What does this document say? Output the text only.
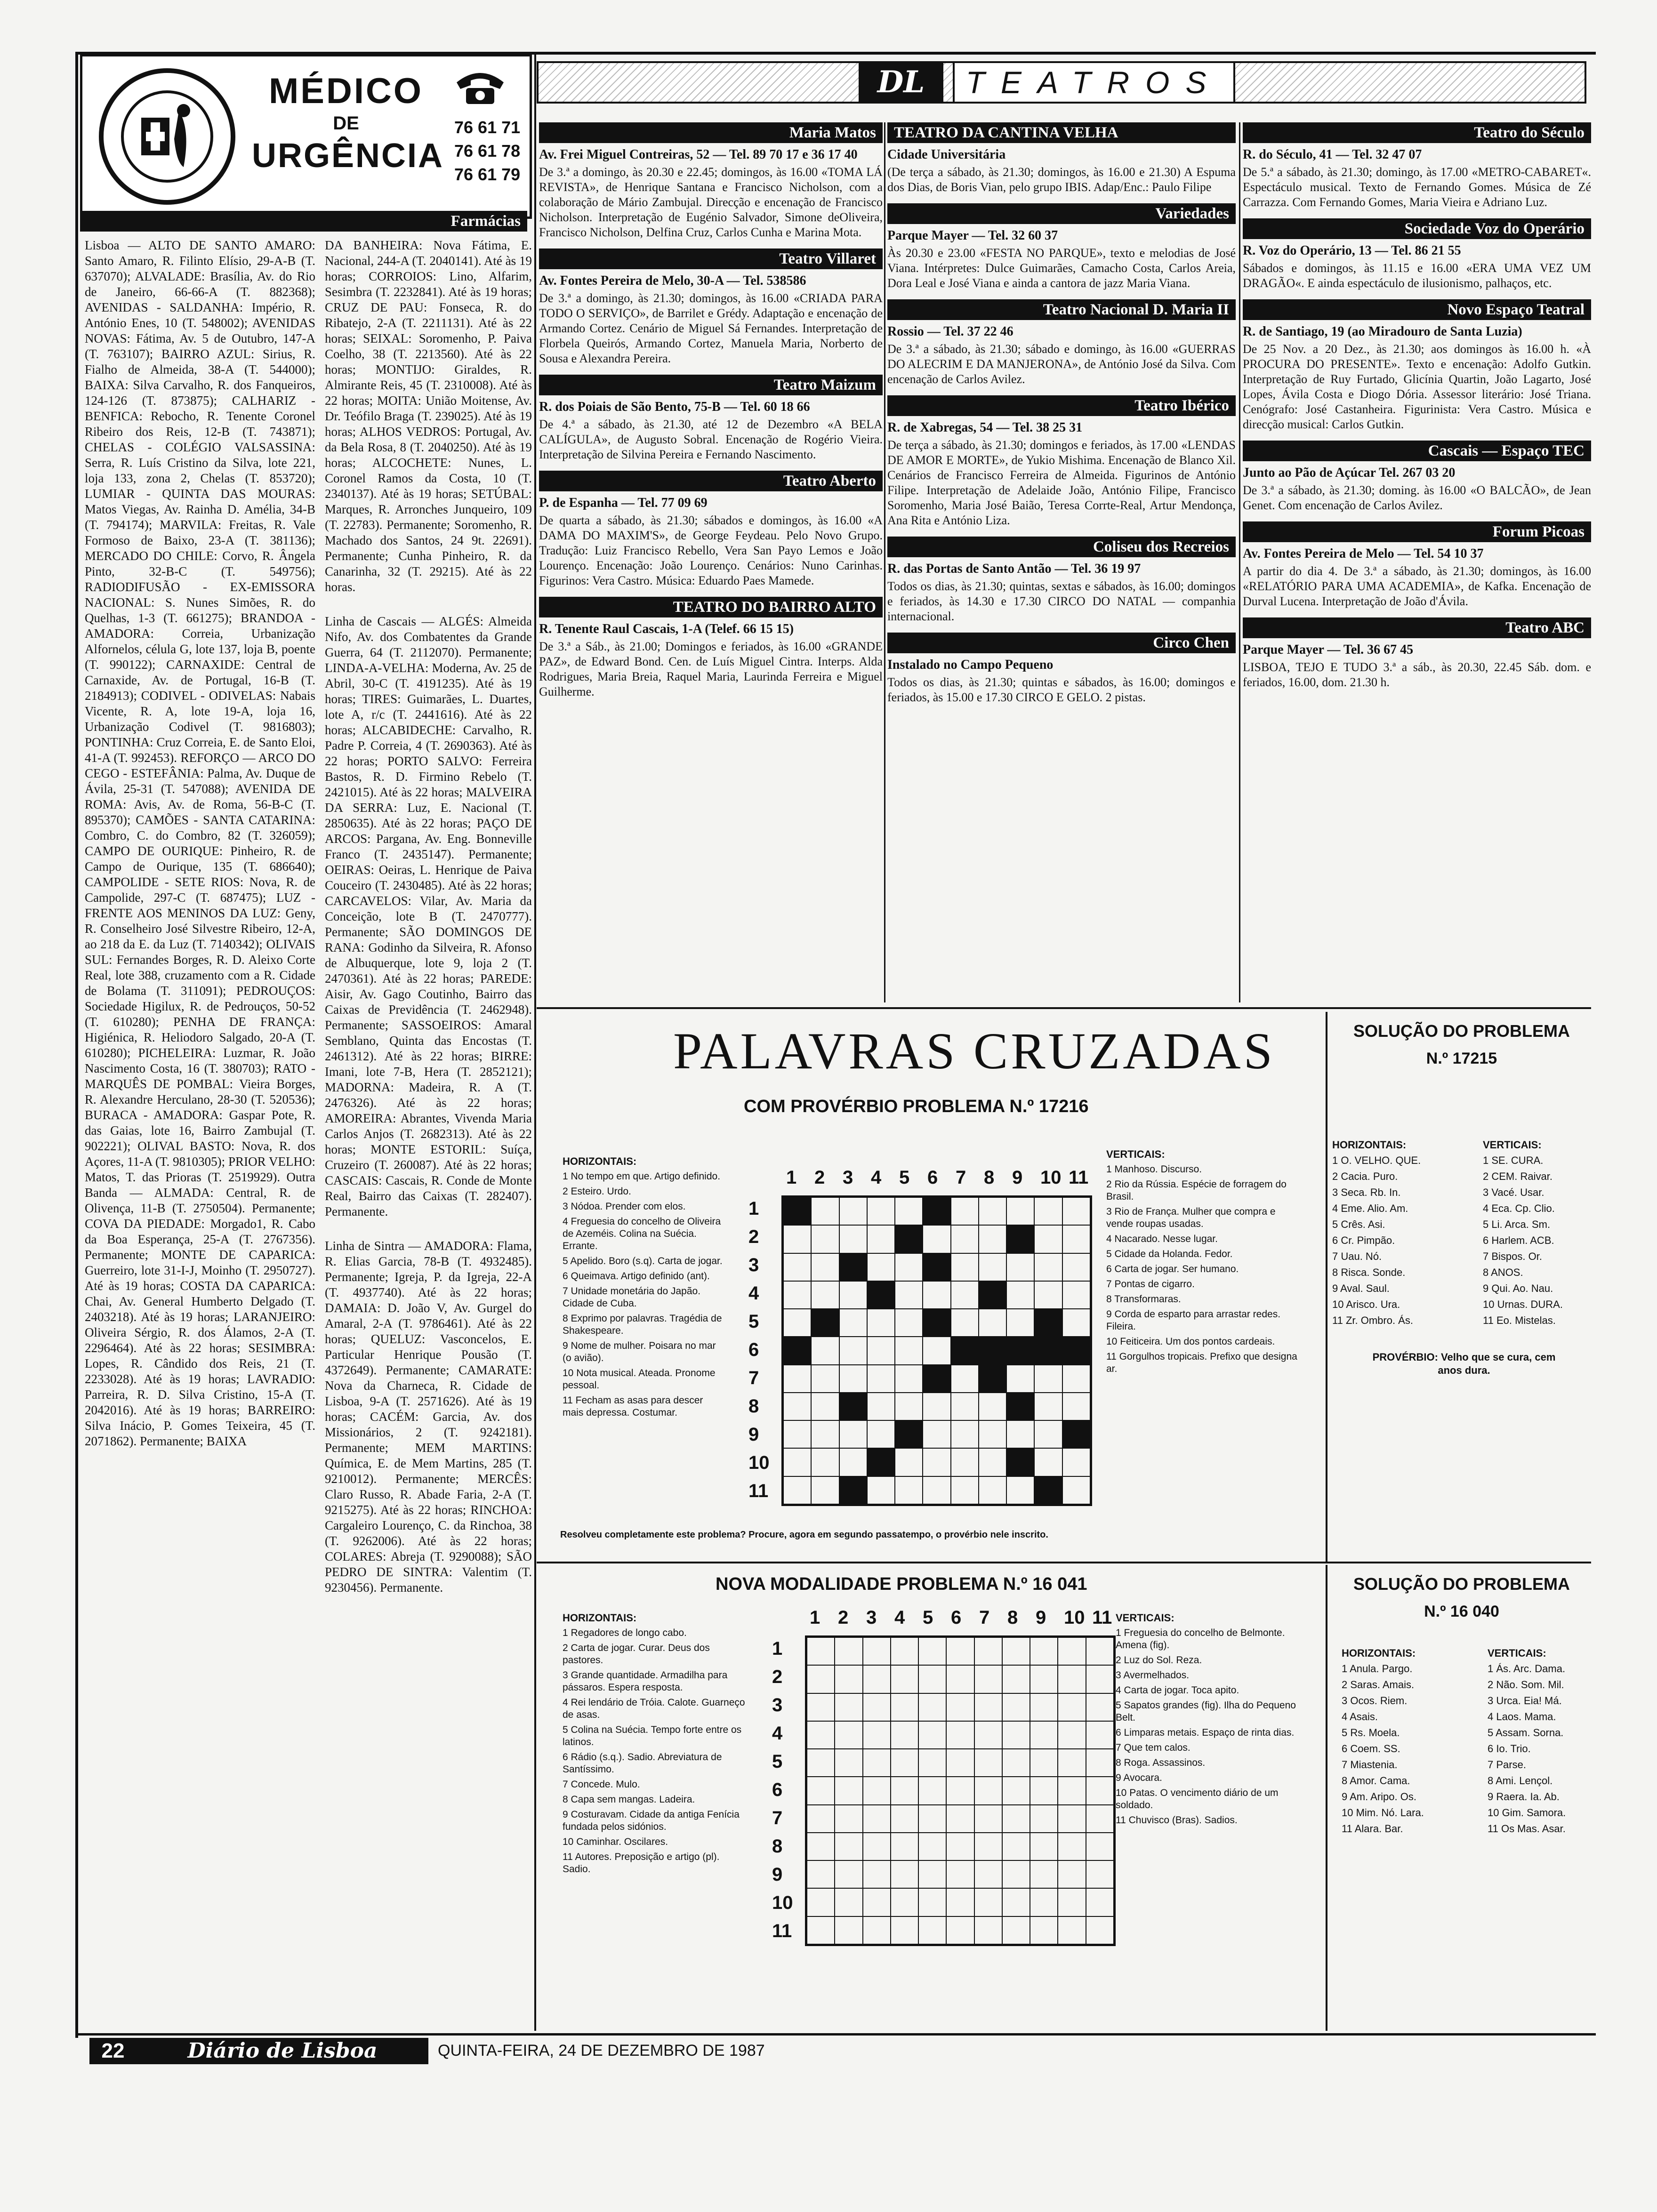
MÉDICO
DE
URGÊNCIA
76 61 71
76 61 78
76 61 79
DL	TEATROS
Farmácias

Lisboa — ALTO DE SANTO AMARO: Santo Amaro, R. Filinto Elísio, 29-A-B (T. 637070); ALVALADE: Brasília, Av. do Rio de Janeiro, 66-66-A (T. 882368); AVENIDAS - SALDANHA: Império, R. António Enes, 10 (T. 548002); AVENIDAS NOVAS: Fátima, Av. 5 de Outubro, 147-A (T. 763107); BAIRRO AZUL: Sirius, R. Fialho de Almeida, 38-A (T. 544000); BAIXA: Silva Carvalho, R. dos Fanqueiros, 124-126 (T. 873875); CALHARIZ - BENFICA: Rebocho, R. Tenente Coronel Ribeiro dos Reis, 12-B (T. 743871); CHELAS - COLÉGIO VALSASSINA: Serra, R. Luís Cristino da Silva, lote 221, loja 133, zona 2, Chelas (T. 853720); LUMIAR - QUINTA DAS MOURAS: Matos Viegas, Av. Rainha D. Amélia, 34-B (T. 794174); MARVILA: Freitas, R. Vale Formoso de Baixo, 23-A (T. 381136); MERCADO DO CHILE: Corvo, R. Ângela Pinto, 32-B-C (T. 549756); RADIODIFUSÃO - EX-EMISSORA NACIONAL: S. Nunes Simões, R. do Quelhas, 1-3 (T. 661275); BRANDOA - AMADORA: Correia, Urbanização Alfornelos, célula G, lote 137, loja B, poente (T. 990122); CARNAXIDE: Central de Carnaxide, Av. de Portugal, 16-B (T. 2184913); CODIVEL - ODIVELAS: Nabais Vicente, R. A, lote 19-A, loja 16, Urbanização Codivel (T. 9816803); PONTINHA: Cruz Correia, E. de Santo Eloi, 41-A (T. 992453). REFORÇO — ARCO DO CEGO - ESTEFÂNIA: Palma, Av. Duque de Ávila, 25-31 (T. 547088); AVENIDA DE ROMA: Avis, Av. de Roma, 56-B-C (T. 895370); CAMÕES - SANTA CATARINA: Combro, C. do Combro, 82 (T. 326059); CAMPO DE OURIQUE: Pinheiro, R. de Campo de Ourique, 135 (T. 686640); CAMPOLIDE - SETE RIOS: Nova, R. de Campolide, 297-C (T. 687475); LUZ - FRENTE AOS MENINOS DA LUZ: Geny, R. Conselheiro José Silvestre Ribeiro, 12-A, ao 218 da E. da Luz (T. 7140342); OLIVAIS SUL: Fernandes Borges, R. D. Aleixo Corte Real, lote 388, cruzamento com a R. Cidade de Bolama (T. 311091); PEDROUÇOS: Sociedade Higilux, R. de Pedrouços, 50-52 (T. 610280); PENHA DE FRANÇA: Higiénica, R. Heliodoro Salgado, 20-A (T. 610280); PICHELEIRA: Luzmar, R. João Nascimento Costa, 16 (T. 380703); RATO - MARQUÊS DE POMBAL: Vieira Borges, R. Alexandre Herculano, 28-30 (T. 520536); BURACA - AMADORA: Gaspar Pote, R. das Gaias, lote 16, Bairro Zambujal (T. 902221); OLIVAL BASTO: Nova, R. dos Açores, 11-A (T. 9810305); PRIOR VELHO: Matos, T. das Prioras (T. 2519929). Outra Banda — ALMADA: Central, R. de Olivença, 11-B (T. 2750504). Permanente; COVA DA PIEDADE: Morgado1, R. Cabo da Boa Esperança, 25-A (T. 2767356). Permanente; MONTE DE CAPARICA: Guerreiro, lote 31-I-J, Moinho (T. 2950727). Até às 19 horas; COSTA DA CAPARICA: Chai, Av. General Humberto Delgado (T. 2403218). Até às 19 horas; LARANJEIRO: Oliveira Sérgio, R. dos Álamos, 2-A (T. 2296464). Até às 22 horas; SESIMBRA: Lopes, R. Cândido dos Reis, 21 (T. 2233028). Até às 19 horas; LAVRADIO: Parreira, R. D. Silva Cristino, 15-A (T. 2042016). Até às 19 horas; BARREIRO: Silva Inácio, P. Gomes Teixeira, 45 (T. 2071862). Permanente; BAIXA

DA BANHEIRA: Nova Fátima, E. Nacional, 244-A (T. 2040141). Até às 19 horas; CORROIOS: Lino, Alfarim, Sesimbra (T. 2232841). Até às 19 horas; CRUZ DE PAU: Fonseca, R. do Ribatejo, 2-A (T. 2211131). Até às 22 horas; SEIXAL: Soromenho, P. Paiva Coelho, 38 (T. 2213560). Até às 22 horas; MONTIJO: Giraldes, R. Almirante Reis, 45 (T. 2310008). Até às 22 horas; MOITA: União Moitense, Av. Dr. Teófilo Braga (T. 239025). Até às 19 horas; ALHOS VEDROS: Portugal, Av. da Bela Rosa, 8 (T. 2040250). Até às 19 horas; ALCOCHETE: Nunes, L. Coronel Ramos da Costa, 10 (T. 2340137). Até às 19 horas; SETÚBAL: Marques, R. Arronches Junqueiro, 109 (T. 22783). Permanente; Soromenho, R. Machado dos Santos, 24 9t. 22691). Permanente; Cunha Pinheiro, R. da Canarinha, 32 (T. 29215). Até às 22 horas.

Linha de Cascais — ALGÉS: Almeida Nifo, Av. dos Combatentes da Grande Guerra, 64 (T. 2112070). Permanente; LINDA-A-VELHA: Moderna, Av. 25 de Abril, 30-C (T. 4191235). Até às 19 horas; TIRES: Guimarães, L. Duartes, lote A, r/c (T. 2441616). Até às 22 horas; ALCABIDECHE: Carvalho, R. Padre P. Correia, 4 (T. 2690363). Até às 22 horas; PORTO SALVO: Ferreira Bastos, R. D. Firmino Rebelo (T. 2421015). Até às 22 horas; MALVEIRA DA SERRA: Luz, E. Nacional (T. 2850635). Até às 22 horas; PAÇO DE ARCOS: Pargana, Av. Eng. Bonneville Franco (T. 2435147). Permanente; OEIRAS: Oeiras, L. Henrique de Paiva Couceiro (T. 2430485). Até às 22 horas; CARCAVELOS: Vilar, Av. Maria da Conceição, lote B (T. 2470777). Permanente; SÃO DOMINGOS DE RANA: Godinho da Silveira, R. Afonso de Albuquerque, lote 9, loja 2 (T. 2470361). Até às 22 horas; PAREDE: Aisir, Av. Gago Coutinho, Bairro das Caixas de Previdência (T. 2462948). Permanente; SASSOEIROS: Amaral Semblano, Quinta das Encostas (T. 2461312). Até às 22 horas; BIRRE: Imani, lote 7-B, Hera (T. 2852121); MADORNA: Madeira, R. A (T. 2476326). Até às 22 horas; AMOREIRA: Abrantes, Vivenda Maria Carlos Anjos (T. 2682313). Até às 22 horas; MONTE ESTORIL: Suíça, Cruzeiro (T. 260087). Até às 22 horas; CASCAIS: Cascais, R. Conde de Monte Real, Bairro das Caixas (T. 282407). Permanente.

Linha de Sintra — AMADORA: Flama, R. Elias Garcia, 78-B (T. 4932485). Permanente; Igreja, P. da Igreja, 22-A (T. 4937740). Até às 22 horas; DAMAIA: D. João V, Av. Gurgel do Amaral, 2-A (T. 9786461). Até às 22 horas; QUELUZ: Vasconcelos, E. Particular Henrique Pousão (T. 4372649). Permanente; CAMARATE: Nova da Charneca, R. Cidade de Lisboa, 9-A (T. 2571626). Até às 19 horas; CACÉM: Garcia, Av. dos Missionários, 2 (T. 9242181). Permanente; MEM MARTINS: Química, E. de Mem Martins, 285 (T. 9210012). Permanente; MERCÊS: Claro Russo, R. Abade Faria, 2-A (T. 9215275). Até às 22 horas; RINCHOA: Cargaleiro Lourenço, C. da Rinchoa, 38 (T. 9262006). Até às 22 horas; COLARES: Abreja (T. 9290088); SÃO PEDRO DE SINTRA: Valentim (T. 9230456). Permanente.

Maria Matos

Av. Frei Miguel Contreiras, 52 — Tel. 89 70 17 e 36 17 40

De 3.ª a domingo, às 20.30 e 22.45; domingos, às 16.00 «TOMA LÁ REVISTA», de Henrique Santana e Francisco Nicholson, com a colaboração de Mário Zambujal. Direcção e encenação de Francisco Nicholson. Interpretação de Eugénio Salvador, Simone deOliveira, Francisco Nicholson, Delfina Cruz, Carlos Cunha e Marina Mota.

Teatro Villaret

Av. Fontes Pereira de Melo, 30-A — Tel. 538586

De 3.ª a domingo, às 21.30; domingos, às 16.00 «CRIADA PARA TODO O SERVIÇO», de Barrilet e Grédy. Adaptação e encenação de Armando Cortez. Cenário de Miguel Sá Fernandes. Interpretação de Florbela Queirós, Armando Cortez, Manuela Maria, Norberto de Sousa e Alexandra Pereira.

Teatro Maizum

R. dos Poiais de São Bento, 75-B — Tel. 60 18 66

De 4.ª a sábado, às 21.30, até 12 de Dezembro «A BELA CALÍGULA», de Augusto Sobral. Encenação de Rogério Vieira. Interpretação de Silvina Pereira e Fernando Nascimento.

Teatro Aberto

P. de Espanha — Tel. 77 09 69

De quarta a sábado, às 21.30; sábados e domingos, às 16.00 «A DAMA DO MAXIM'S», de George Feydeau. Pelo Novo Grupo. Tradução: Luiz Francisco Rebello, Vera San Payo Lemos e João Lourenço. Encenação: João Lourenço. Cenários: Nuno Carinhas. Figurinos: Vera Castro. Música: Eduardo Paes Mamede.

TEATRO DO BAIRRO ALTO

R. Tenente Raul Cascais, 1-A (Telef. 66 15 15)

De 3.ª a Sáb., às 21.00; Domingos e feriados, às 16.00 «GRANDE PAZ», de Edward Bond. Cen. de Luís Miguel Cintra. Interps. Alda Rodrigues, Maria Breia, Raquel Maria, Laurinda Ferreira e Miguel Guilherme.

TEATRO DA CANTINA VELHA

Cidade Universitária

(De terça a sábado, às 21.30; domingos, às 16.00 e 21.30) A Espuma dos Dias, de Boris Vian, pelo grupo IBIS. Adap/Enc.: Paulo Filipe

Variedades

Parque Mayer — Tel. 32 60 37

Às 20.30 e 23.00 «FESTA NO PARQUE», texto e melodias de José Viana. Intérpretes: Dulce Guimarães, Camacho Costa, Carlos Areia, Dora Leal e José Viana e ainda a cantora de jazz Maria Viana.

Teatro Nacional D. Maria II

Rossio — Tel. 37 22 46

De 3.ª a sábado, às 21.30; sábado e domingo, às 16.00 «GUERRAS DO ALECRIM E DA MANJERONA», de António José da Silva. Com encenação de Carlos Avilez.

Teatro Ibérico

R. de Xabregas, 54 — Tel. 38 25 31

De terça a sábado, às 21.30; domingos e feriados, às 17.00 «LENDAS DE AMOR E MORTE», de Yukio Mishima. Encenação de Blanco Xil. Cenários de Francisco Ferreira de Almeida. Figurinos de António Filipe. Interpretação de Adelaide João, António Filipe, Francisco Soromenho, Maria José Baião, Teresa Corrte-Real, Artur Mendonça, Ana Rita e António Liza.

Coliseu dos Recreios

R. das Portas de Santo Antão — Tel. 36 19 97

Todos os dias, às 21.30; quintas, sextas e sábados, às 16.00; domingos e feriados, às 14.30 e 17.30 CIRCO DO NATAL — companhia internacional.

Circo Chen

Instalado no Campo Pequeno

Todos os dias, às 21.30; quintas e sábados, às 16.00; domingos e feriados, às 15.00 e 17.30 CIRCO E GELO. 2 pistas.

Teatro do Século

R. do Século, 41 — Tel. 32 47 07

De 5.ª a sábado, às 21.30; domingo, às 17.00 «METRO-CABARET«. Espectáculo musical. Texto de Fernando Gomes. Música de Zé Carrazza. Com Fernando Gomes, Maria Vieira e Adriano Luz.

Sociedade Voz do Operário

R. Voz do Operário, 13 — Tel. 86 21 55

Sábados e domingos, às 11.15 e 16.00 «ERA UMA VEZ UM DRAGÃO«. E ainda espectáculo de ilusionismo, palhaços, etc.

Novo Espaço Teatral

R. de Santiago, 19 (ao Miradouro de Santa Luzia)

De 25 Nov. a 20 Dez., às 21.30; aos domingos às 16.00 h. «À PROCURA DO PRESENTE». Texto e encenação: Adolfo Gutkin. Interpretação de Ruy Furtado, Glicínia Quartin, João Lagarto, José Lopes, Ávila Costa e Diogo Dória. Assessor literário: José Triana. Cenógrafo: José Castanheira. Figurinista: Vera Castro. Música e direcção musical: Carlos Gutkin.

Cascais — Espaço TEC

Junto ao Pão de Açúcar Tel. 267 03 20

De 3.ª a sábado, às 21.30; doming. às 16.00 «O BALCÃO», de Jean Genet. Com encenação de Carlos Avilez.

Forum Picoas

Av. Fontes Pereira de Melo — Tel. 54 10 37

A partir do dia 4. De 3.ª a sábado, às 21.30; domingos, às 16.00 «RELATÓRIO PARA UMA ACADEMIA», de Kafka. Encenação de Durval Lucena. Interpretação de João d'Ávila.

Teatro ABC

Parque Mayer — Tel. 36 67 45

LISBOA, TEJO E TUDO 3.ª a sáb., às 20.30, 22.45 Sáb. dom. e feriados, 16.00, dom. 21.30 h.

PALAVRAS CRUZADAS
COM PROVÉRBIO PROBLEMA N.º 17216

HORIZONTAIS:

1 No tempo em que. Artigo definido.

2 Esteiro. Urdo.

3 Nódoa. Prender com elos.

4 Freguesia do concelho de Oliveira de Azeméis. Colina na Suécia. Errante.

5 Apelido. Boro (s.q). Carta de jogar.

6 Queimava. Artigo definido (ant).

7 Unidade monetária do Japão. Cidade de Cuba.

8 Exprimo por palavras. Tragédia de Shakespeare.

9 Nome de mulher. Poisara no mar (o avião).

10 Nota musical. Ateada. Pronome pessoal.

11 Fecham as asas para descer mais depressa. Costumar.

1 2 3 4 5 6 7 8 9 10 11
1
2
3
4
5
6
7
8
9
10
11

VERTICAIS:

1 Manhoso. Discurso.

2 Rio da Rússia. Espécie de forragem do Brasil.

3 Rio de França. Mulher que compra e vende roupas usadas.

4 Nacarado. Nesse lugar.

5 Cidade da Holanda. Fedor.

6 Carta de jogar. Ser humano.

7 Pontas de cigarro.

8 Transformaras.

9 Corda de esparto para arrastar redes. Fileira.

10 Feiticeira. Um dos pontos cardeais.

11 Gorgulhos tropicais. Prefixo que designa ar.

Resolveu completamente este problema? Procure, agora em segundo passatempo, o provérbio nele inscrito.
SOLUÇÃO DO PROBLEMA
N.º 17215

HORIZONTAIS:

1 O. VELHO. QUE.

2 Cacia. Puro.

3 Seca. Rb. In.

4 Eme. Alio. Am.

5 Crês. Asi.

6 Cr. Pimpão.

7 Uau. Nó.

8 Risca. Sonde.

9 Aval. Saul.

10 Arisco. Ura.

11 Zr. Ombro. Ás.

VERTICAIS:

1 SE. CURA.

2 CEM. Raivar.

3 Vacé. Usar.

4 Eca. Cp. Clio.

5 Li. Arca. Sm.

6 Harlem. ACB.

7 Bispos. Or.

8 ANOS.

9 Qui. Ao. Nau.

10 Urnas. DURA.

11 Eo. Mistelas.

PROVÉRBIO: Velho que se cura, cem anos dura.
NOVA MODALIDADE PROBLEMA N.º 16 041

HORIZONTAIS:

1 Regadores de longo cabo.

2 Carta de jogar. Curar. Deus dos pastores.

3 Grande quantidade. Armadilha para pássaros. Espera resposta.

4 Rei lendário de Tróia. Calote. Guarneço de asas.

5 Colina na Suécia. Tempo forte entre os latinos.

6 Rádio (s.q.). Sadio. Abreviatura de Santíssimo.

7 Concede. Mulo.

8 Capa sem mangas. Ladeira.

9 Costuravam. Cidade da antiga Fenícia fundada pelos sidónios.

10 Caminhar. Oscilares.

11 Autores. Preposição e artigo (pl). Sadio.

1 2 3 4 5 6 7 8 9 10 11
1
2
3
4
5
6
7
8
9
10
11

VERTICAIS:

1 Freguesia do concelho de Belmonte. Amena (fig).

2 Luz do Sol. Reza.

3 Avermelhados.

4 Carta de jogar. Toca apito.

5 Sapatos grandes (fig). Ilha do Pequeno Belt.

6 Limparas metais. Espaço de rinta dias.

7 Que tem calos.

8 Roga. Assassinos.

9 Avocara.

10 Patas. O vencimento diário de um soldado.

11 Chuvisco (Bras). Sadios.

SOLUÇÃO DO PROBLEMA
N.º 16 040

HORIZONTAIS:

1 Anula. Pargo.

2 Saras. Amais.

3 Ocos. Riem.

4 Asais.

5 Rs. Moela.

6 Coem. SS.

7 Miastenia.

8 Amor. Cama.

9 Am. Aripo. Os.

10 Mim. Nó. Lara.

11 Alara. Bar.

VERTICAIS:

1 Ás. Arc. Dama.

2 Não. Som. Mil.

3 Urca. Eia! Má.

4 Laos. Mama.

5 Assam. Sorna.

6 Io. Trio.

7 Parse.

8 Ami. Lençol.

9 Raera. Ia. Ab.

10 Gim. Samora.

11 Os Mas. Asar.

22	Diário de Lisboa	QUINTA-FEIRA, 24 DE DEZEMBRO DE 1987
